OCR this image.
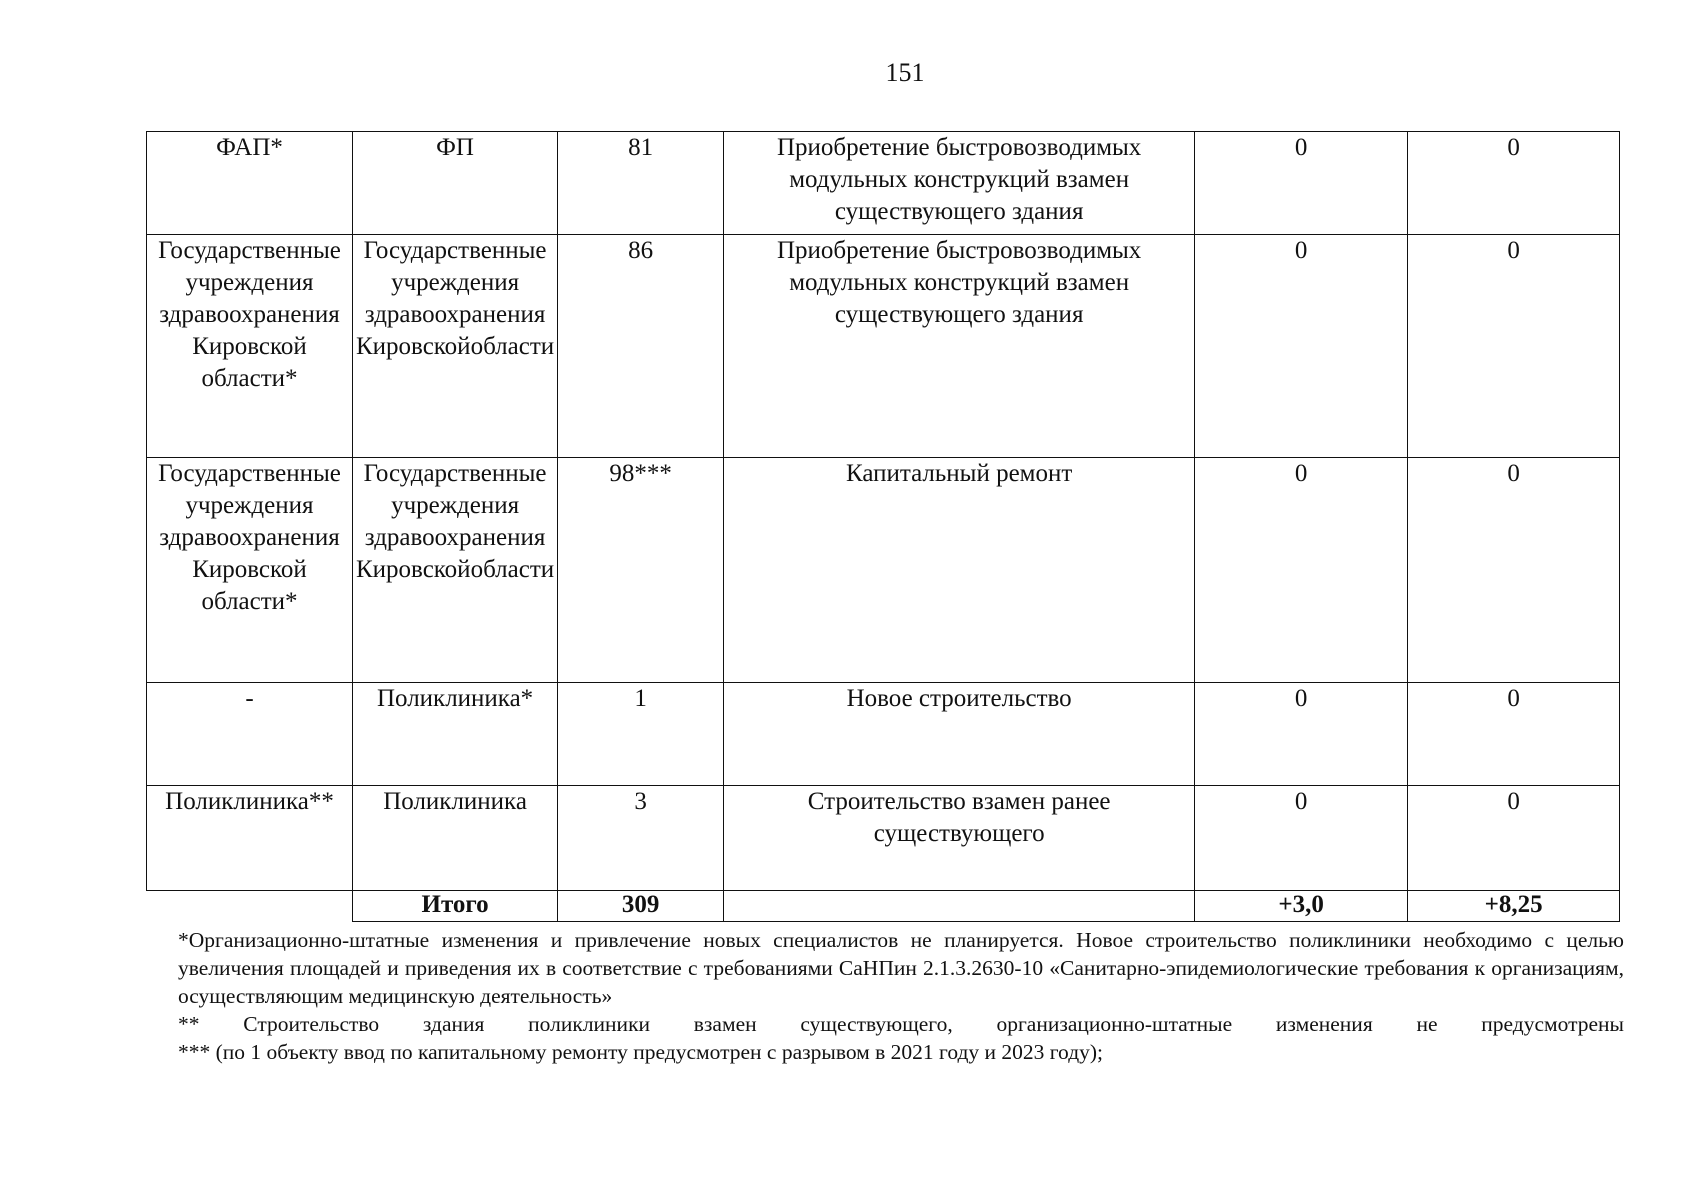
151
ФАП*	ФП	81	Приобретение быстровозводимых модульных конструкций взамен существующего здания	0	0
Государственные учреждения здравоохранения Кировской области*	Государственные учреждения здравоохранения Кировскойобласти	86	Приобретение быстровозводимых модульных конструкций взамен существующего здания	0	0
Государственные учреждения здравоохранения Кировской области*	Государственные учреждения здравоохранения Кировскойобласти	98***	Капитальный ремонт	0	0
-	Поликлиника*	1	Новое строительство	0	0
Поликлиника**	Поликлиника	3	Строительство взамен ранее существующего	0	0
	Итого	309		+3,0	+8,25

*Организационно-штатные изменения и привлечение новых специалистов не планируется. Новое строительство поликлиники необходимо с целью увеличения площадей и приведения их в соответствие с требованиями СаНПин 2.1.3.2630-10 «Санитарно-эпидемиологические требования к организациям, осуществляющим медицинскую деятельность»

** Строительство здания поликлиники взамен существующего, организационно-штатные изменения не предусмотрены

*** (по 1 объекту ввод по капитальному ремонту предусмотрен с разрывом в 2021 году и 2023 году);
